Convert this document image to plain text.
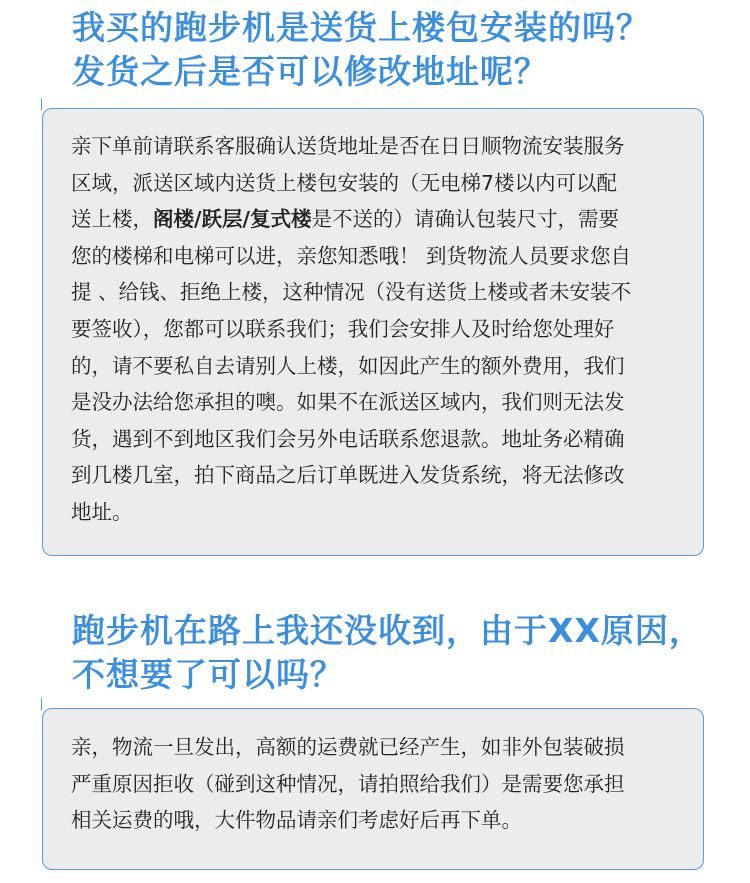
我买的跑步机是送货上楼包安装的吗？
发货之后是否可以修改地址呢？
亲下单前请联系客服确认送货地址是否在日日顺物流安装服务
区域，派送区域内送货上楼包安装的（无电梯7楼以内可以配
送上楼，阁楼/跃层/复式楼是不送的）请确认包装尺寸，需要
您的楼梯和电梯可以进，亲您知悉哦！ 到货物流人员要求您自
提 、给钱、拒绝上楼，这种情况（没有送货上楼或者未安装不
要签收），您都可以联系我们；我们会安排人及时给您处理好
的，请不要私自去请别人上楼，如因此产生的额外费用，我们
是没办法给您承担的噢。如果不在派送区域内，我们则无法发
货，遇到不到地区我们会另外电话联系您退款。地址务必精确
到几楼几室，拍下商品之后订单既进入发货系统，将无法修改
地址。
跑步机在路上我还没收到，由于XX原因，
不想要了可以吗？
亲，物流一旦发出，高额的运费就已经产生，如非外包装破损
严重原因拒收（碰到这种情况，请拍照给我们）是需要您承担
相关运费的哦，大件物品请亲们考虑好后再下单。
